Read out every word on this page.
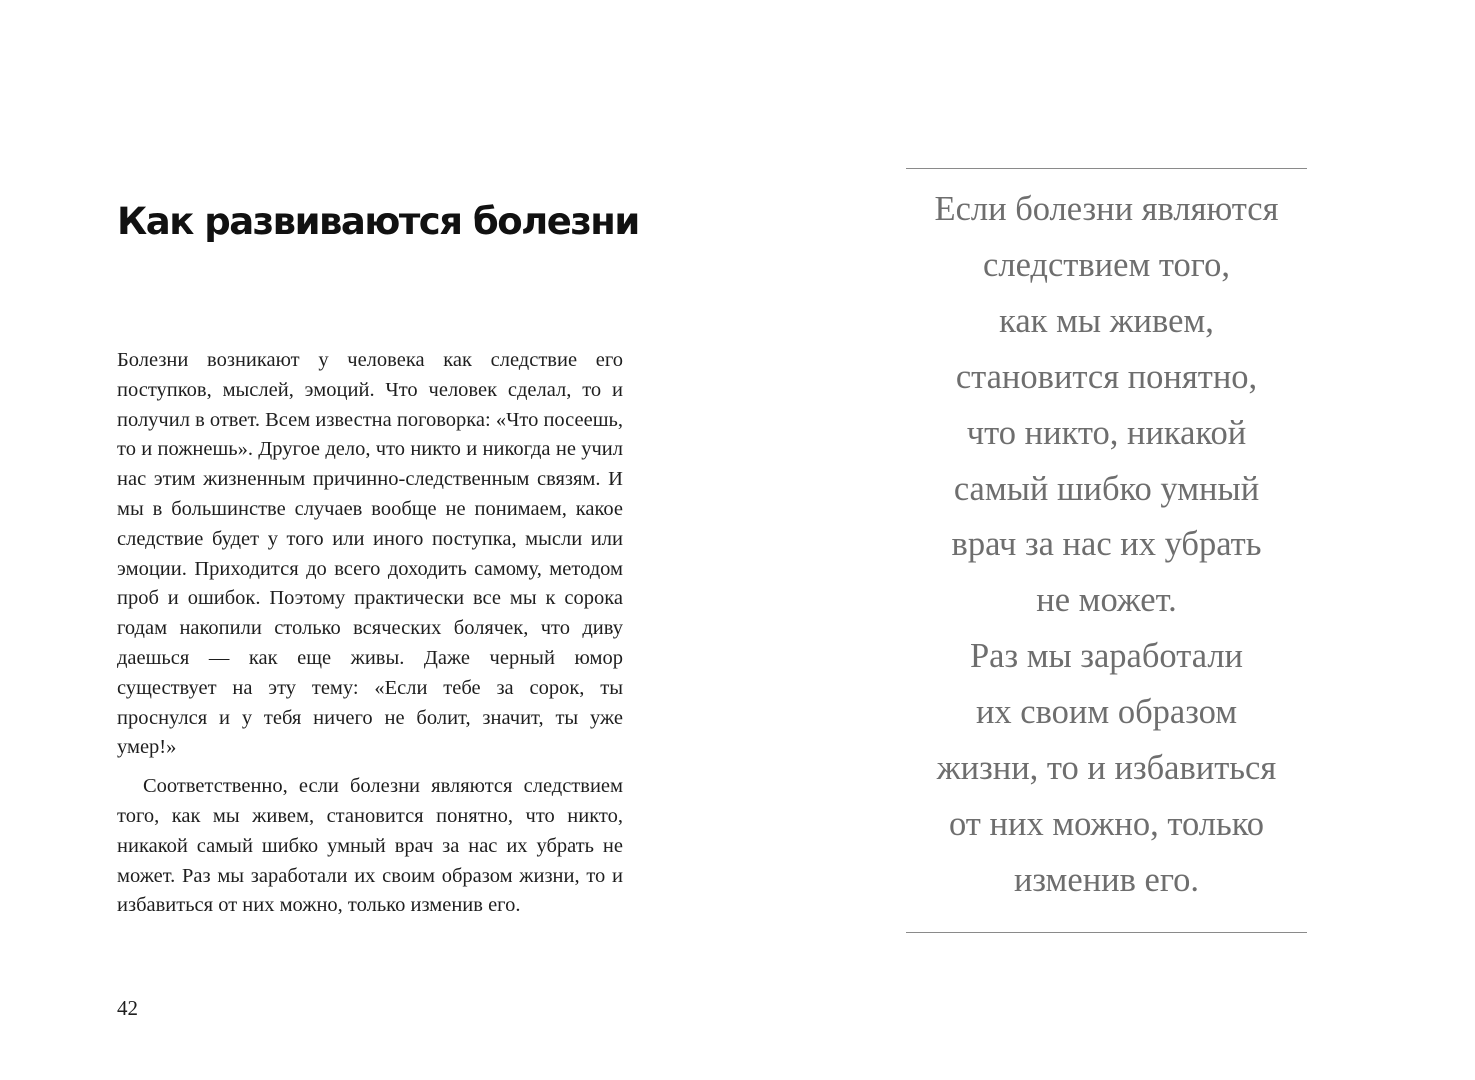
Как развиваются болезни

Болезни возникают у человека как следствие его поступков, мыслей, эмоций. Что человек сделал, то и получил в ответ. Всем известна поговорка: «Что посеешь, то и пожнешь». Другое дело, что никто и никогда не учил нас этим жизненным причинно-следственным связям. И мы в большинстве случаев вообще не понимаем, какое следствие будет у того или иного поступка, мысли или эмоции. Приходится до всего доходить самому, методом проб и ошибок. Поэтому практически все мы к сорока годам накопили столько всяческих болячек, что диву даешься — как еще живы. Даже черный юмор существует на эту тему: «Если тебе за сорок, ты проснулся и у тебя ничего не болит, значит, ты уже умер!»

Соответственно, если болезни являются следствием того, как мы живем, становится понятно, что никто, никакой самый шибко умный врач за нас их убрать не может. Раз мы заработали их своим образом жизни, то и избавиться от них можно, только изменив его.

42
Если болезни являются
следствием того,
как мы живем,
становится понятно,
что никто, никакой
самый шибко умный
врач за нас их убрать
не может.
Раз мы заработали
их своим образом
жизни, то и избавиться
от них можно, только
изменив его.
